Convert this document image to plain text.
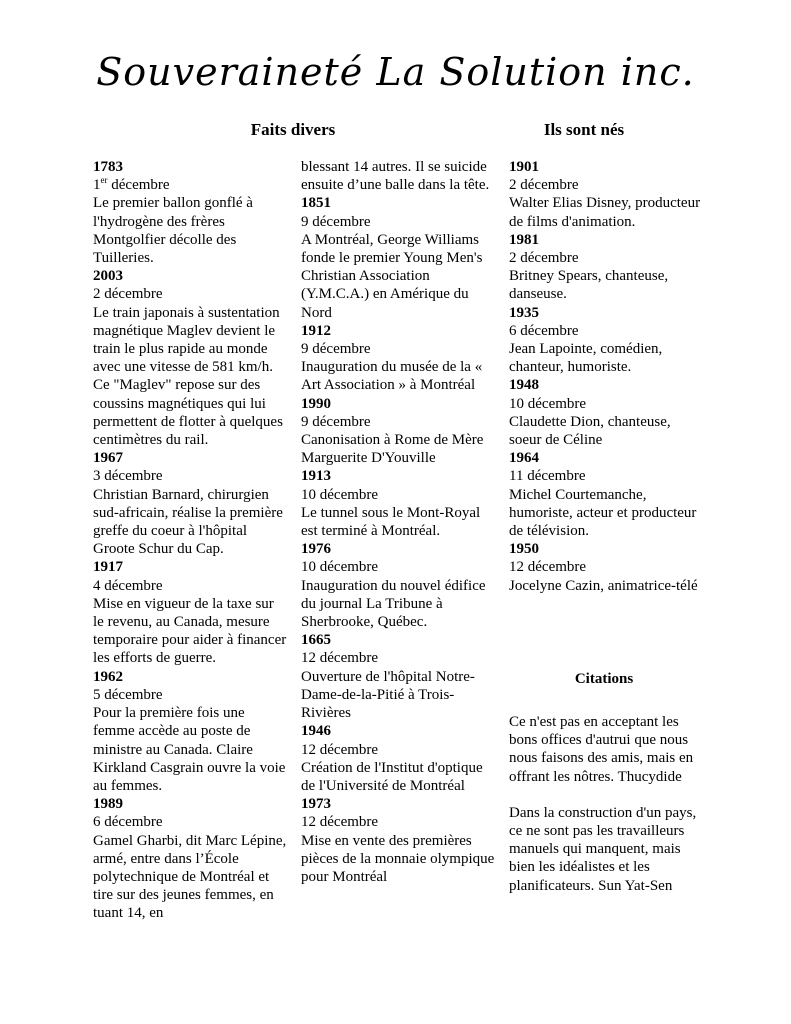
Souveraineté La Solution inc.
Faits divers	Ils sont nés

1783

1er décembre

Le premier ballon gonflé à l'hydrogène des frères Montgolfier décolle des Tuilleries.

2003

2 décembre

Le train japonais à sustentation magnétique Maglev devient le train le plus rapide au monde avec une vitesse de 581 km/h. Ce "Maglev" repose sur des coussins magnétiques qui lui permettent de flotter à quelques centimètres du rail.

1967

3 décembre

Christian Barnard, chirurgien sud-africain, réalise la première greffe du coeur à l'hôpital Groote Schur du Cap.

1917

4 décembre

Mise en vigueur de la taxe sur le revenu, au Canada, mesure temporaire pour aider à financer les efforts de guerre.

1962

5 décembre

Pour la première fois une femme accède au poste de ministre au Canada. Claire Kirkland Casgrain ouvre la voie au femmes.

1989

6 décembre

Gamel Gharbi, dit Marc Lépine, armé, entre dans l’École polytechnique de Montréal et tire sur des jeunes femmes, en tuant 14, en

blessant 14 autres. Il se suicide ensuite d’une balle dans la tête.

1851

9 décembre

A Montréal, George Williams fonde le premier Young Men's Christian Association (Y.M.C.A.) en Amérique du Nord

1912

9 décembre

Inauguration du musée de la « Art Association » à Montréal

1990

9 décembre

Canonisation à Rome de Mère Marguerite D'Youville

1913

10 décembre

Le tunnel sous le Mont-Royal est terminé à Montréal.

1976

10 décembre

Inauguration du nouvel édifice du journal La Tribune à Sherbrooke, Québec.

1665

12 décembre

Ouverture de l'hôpital Notre-Dame-de-la-Pitié à Trois-Rivières

1946

12 décembre

Création de l'Institut d'optique de l'Université de Montréal

1973

12 décembre

Mise en vente des premières pièces de la monnaie olympique pour Montréal

1901

2 décembre

Walter Elias Disney, producteur de films d'animation.

1981

2 décembre

Britney Spears, chanteuse, danseuse.

1935

6 décembre

Jean Lapointe, comédien, chanteur, humoriste.

1948

10 décembre

Claudette Dion, chanteuse, soeur de Céline

1964

11 décembre

Michel Courtemanche, humoriste, acteur et producteur de télévision.

1950

12 décembre

Jocelyne Cazin, animatrice-télé

Citations
Ce n'est pas en acceptant les bons offices d'autrui que nous nous faisons des amis, mais en offrant les nôtres. Thucydide
Dans la construction d'un pays, ce ne sont pas les travailleurs manuels qui manquent, mais bien les idéalistes et les planificateurs. Sun Yat-Sen
